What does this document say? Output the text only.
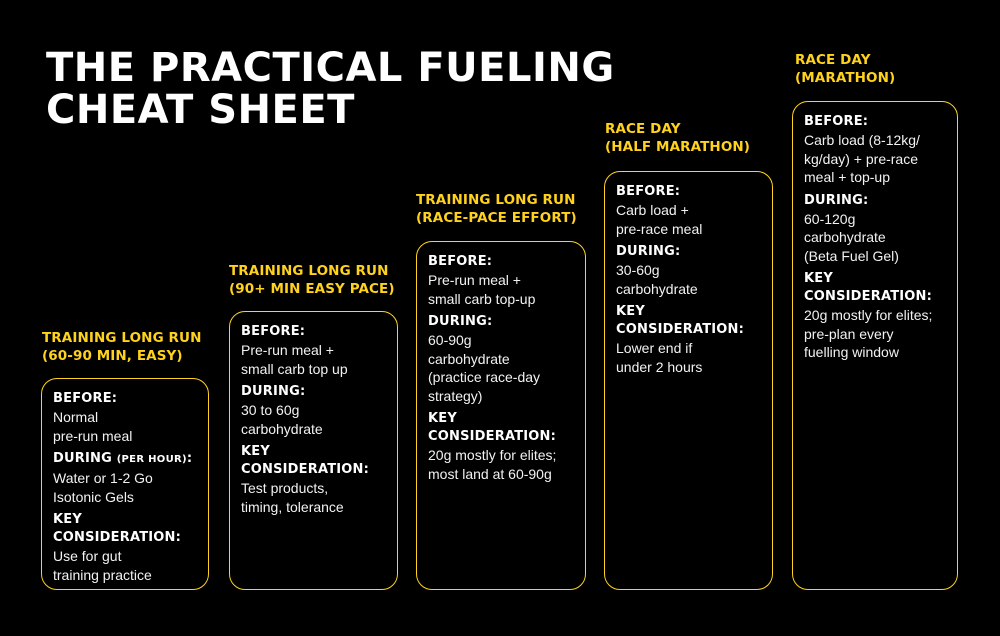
THE PRACTICAL FUELING
CHEAT SHEET
TRAINING LONG RUN
(60-90 MIN, EASY)
BEFORE:
Normal
pre-run meal
DURING (PER HOUR):
Water or 1-2 Go
Isotonic Gels
KEY
CONSIDERATION:
Use for gut
training practice
TRAINING LONG RUN
(90+ MIN EASY PACE)
BEFORE:
Pre-run meal +
small carb top up
DURING:
30 to 60g
carbohydrate
KEY
CONSIDERATION:
Test products,
timing, tolerance
TRAINING LONG RUN
(RACE-PACE EFFORT)
BEFORE:
Pre-run meal +
small carb top-up
DURING:
60-90g
carbohydrate
(practice race-day
strategy)
KEY
CONSIDERATION:
20g mostly for elites;
most land at 60-90g
RACE DAY
(HALF MARATHON)
BEFORE:
Carb load +
pre-race meal
DURING:
30-60g
carbohydrate
KEY
CONSIDERATION:
Lower end if
under 2 hours
RACE DAY
(MARATHON)
BEFORE:
Carb load (8-12kg/
kg/day) + pre-race
meal + top-up
DURING:
60-120g
carbohydrate
(Beta Fuel Gel)
KEY
CONSIDERATION:
20g mostly for elites;
pre-plan every
fuelling window
